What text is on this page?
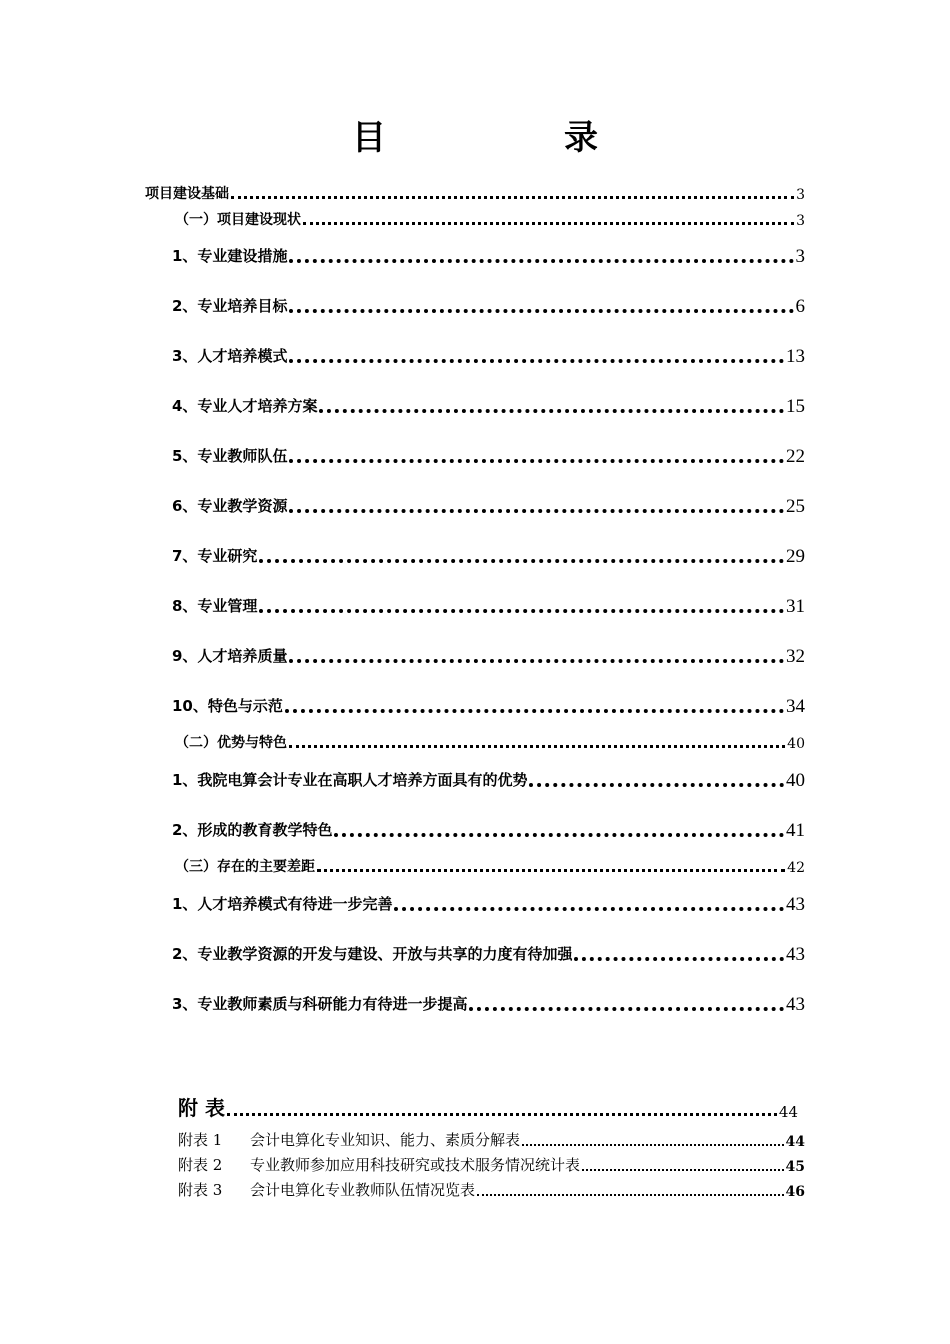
目　录
项目建设基础	3
（一）项目建设现状	3
1、专业建设措施	3
2、专业培养目标	6
3、人才培养模式	13
4、专业人才培养方案	15
5、专业教师队伍	22
6、专业教学资源	25
7、专业研究	29
8、专业管理	31
9、人才培养质量	32
10、特色与示范	34
（二）优势与特色	40
1、我院电算会计专业在高职人才培养方面具有的优势	40
2、形成的教育教学特色	41
（三）存在的主要差距	42
1、人才培养模式有待进一步完善	43
2、专业教学资源的开发与建设、开放与共享的力度有待加强	43
3、专业教师素质与科研能力有待进一步提高	43
附 表	44
附表 1	会计电算化专业知识、能力、素质分解表	44
附表 2	专业教师参加应用科技研究或技术服务情况统计表	45
附表 3	会计电算化专业教师队伍情况览表	46
